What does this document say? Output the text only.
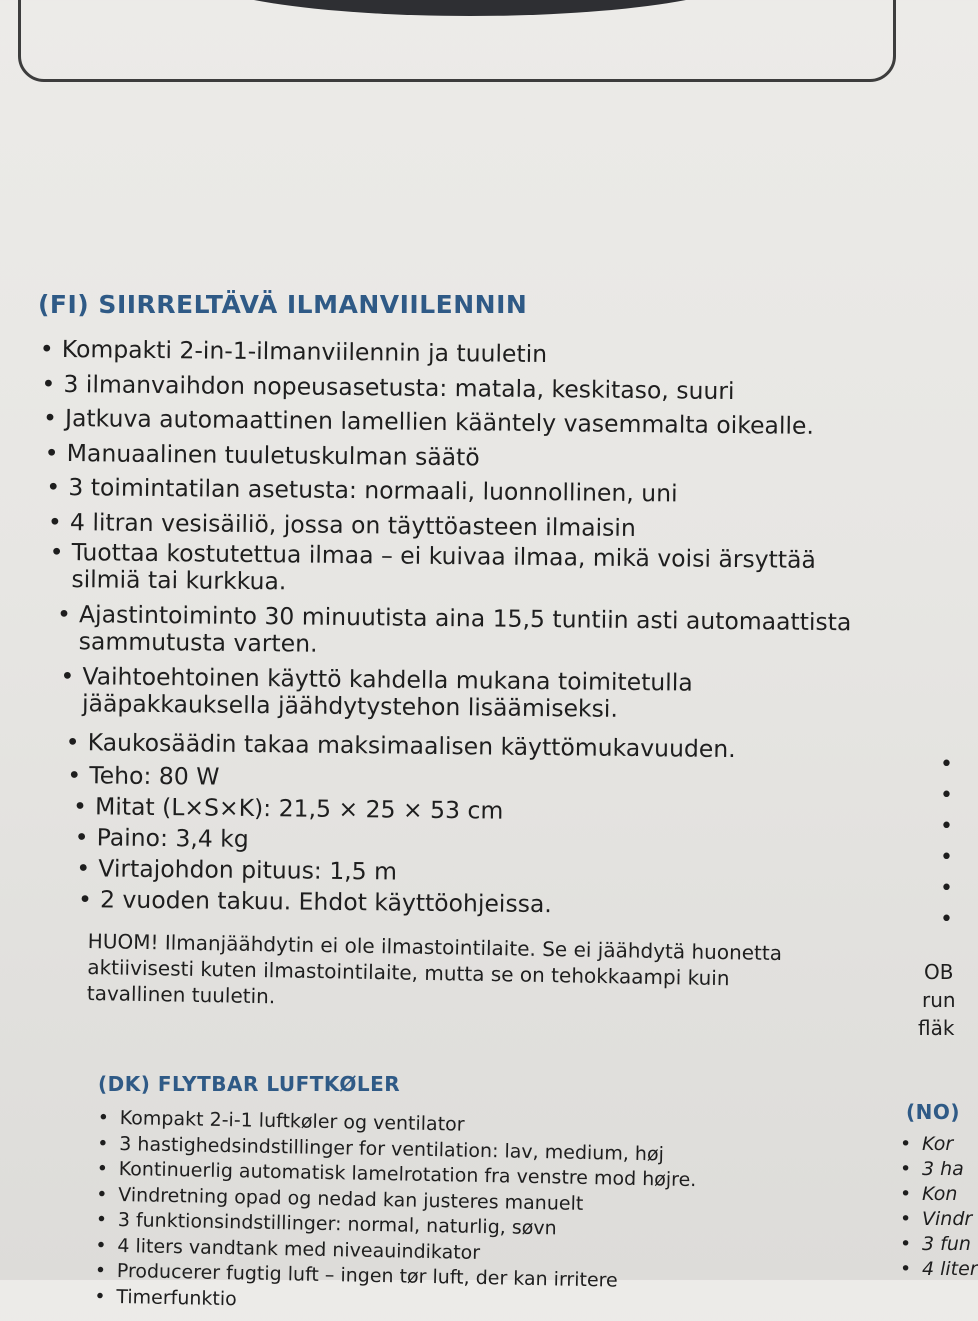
(FI) SIIRRELTÄVÄ ILMANVIILENNIN
• Kompakti 2-in-1-ilmanviilennin ja tuuletin
• 3 ilmanvaihdon nopeusasetusta: matala, keskitaso, suuri
• Jatkuva automaattinen lamellien kääntely vasemmalta oikealle.
• Manuaalinen tuuletuskulman säätö
• 3 toimintatilan asetusta: normaali, luonnollinen, uni
• 4 litran vesisäiliö, jossa on täyttöasteen ilmaisin
• Tuottaa kostutettua ilmaa – ei kuivaa ilmaa, mikä voisi ärsyttää silmiä tai kurkkua.
• Ajastintoiminto 30 minuutista aina 15,5 tuntiin asti automaattista sammutusta varten.
• Vaihtoehtoinen käyttö kahdella mukana toimitetulla jääpakkauksella jäähdytystehon lisäämiseksi.
• Kaukosäädin takaa maksimaalisen käyttömukavuuden.
• Teho: 80 W
• Mitat (L×S×K): 21,5 × 25 × 53 cm
• Paino: 3,4 kg
• Virtajohdon pituus: 1,5 m
• 2 vuoden takuu. Ehdot käyttöohjeissa.
HUOM! Ilmanjäähdytin ei ole ilmastointilaite. Se ei jäähdytä huonetta aktiivisesti kuten ilmastointilaite, mutta se on tehokkaampi kuin tavallinen tuuletin.
(DK) FLYTBAR LUFTKØLER
• Kompakt 2-i-1 luftkøler og ventilator
• 3 hastighedsindstillinger for ventilation: lav, medium, høj
• Kontinuerlig automatisk lamelrotation fra venstre mod højre.
• Vindretning opad og nedad kan justeres manuelt
• 3 funktionsindstillinger: normal, naturlig, søvn
• 4 liters vandtank med niveauindikator
• Producerer fugtig luft – ingen tør luft, der kan irritere
• Timerfunktio
•
•
•
•
•
•
OB
run
fläk
(NO)
• Kor
• 3 ha
• Kon
• Vindr
• 3 fun
• 4 liter
